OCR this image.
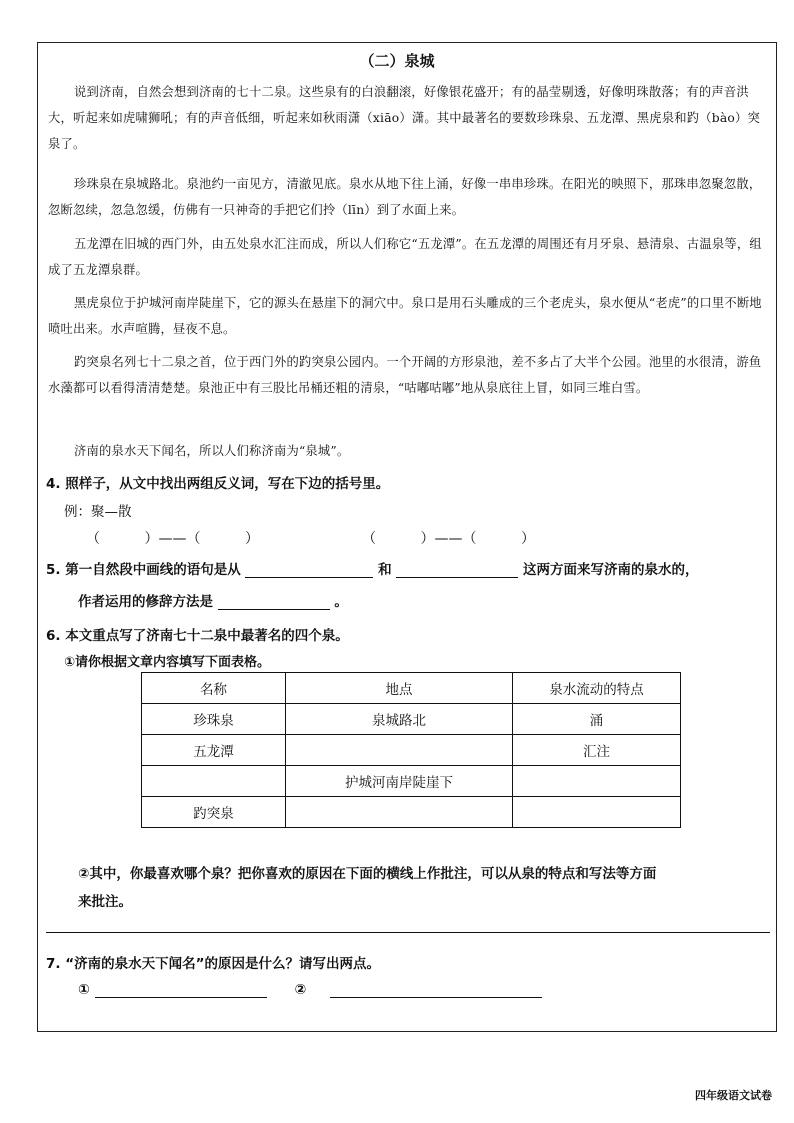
（二）泉城

说到济南，自然会想到济南的七十二泉。这些泉有的白浪翻滚，好像银花盛开；有的晶莹剔透，好像明珠散落；有的声音洪大，听起来如虎啸狮吼；有的声音低细，听起来如秋雨潇（xiāo）潇。其中最著名的要数珍珠泉、五龙潭、黑虎泉和趵（bào）突泉了。

珍珠泉在泉城路北。泉池约一亩见方，清澈见底。泉水从地下往上涌，好像一串串珍珠。在阳光的映照下，那珠串忽聚忽散，忽断忽续，忽急忽缓，仿佛有一只神奇的手把它们拎（līn）到了水面上来。

五龙潭在旧城的西门外，由五处泉水汇注而成，所以人们称它“五龙潭”。在五龙潭的周围还有月牙泉、悬清泉、古温泉等，组成了五龙潭泉群。

黑虎泉位于护城河南岸陡崖下，它的源头在悬崖下的洞穴中。泉口是用石头雕成的三个老虎头，泉水便从“老虎”的口里不断地喷吐出来。水声喧腾，昼夜不息。

趵突泉名列七十二泉之首，位于西门外的趵突泉公园内。一个开阔的方形泉池，差不多占了大半个公园。池里的水很清，游鱼水藻都可以看得清清楚楚。泉池正中有三股比吊桶还粗的清泉，“咕嘟咕嘟”地从泉底往上冒，如同三堆白雪。

济南的泉水天下闻名，所以人们称济南为“泉城”。

4. 照样子，从文中找出两组反义词，写在下边的括号里。
例：聚—散
（          ）——（          ）	（          ）——（          ）
5. 第一自然段中画线的语句是从	和	这两方面来写济南的泉水的，
作者运用的修辞方法是	。
6. 本文重点写了济南七十二泉中最著名的四个泉。
①请你根据文章内容填写下面表格。
名称	地点	泉水流动的特点
珍珠泉	泉城路北	涌
五龙潭		汇注
	护城河南岸陡崖下	
趵突泉		
②其中，你最喜欢哪个泉？把你喜欢的原因在下面的横线上作批注，可以从泉的特点和写法等方面
来批注。
7. “济南的泉水天下闻名”的原因是什么？请写出两点。
①	②
四年级语文试卷
